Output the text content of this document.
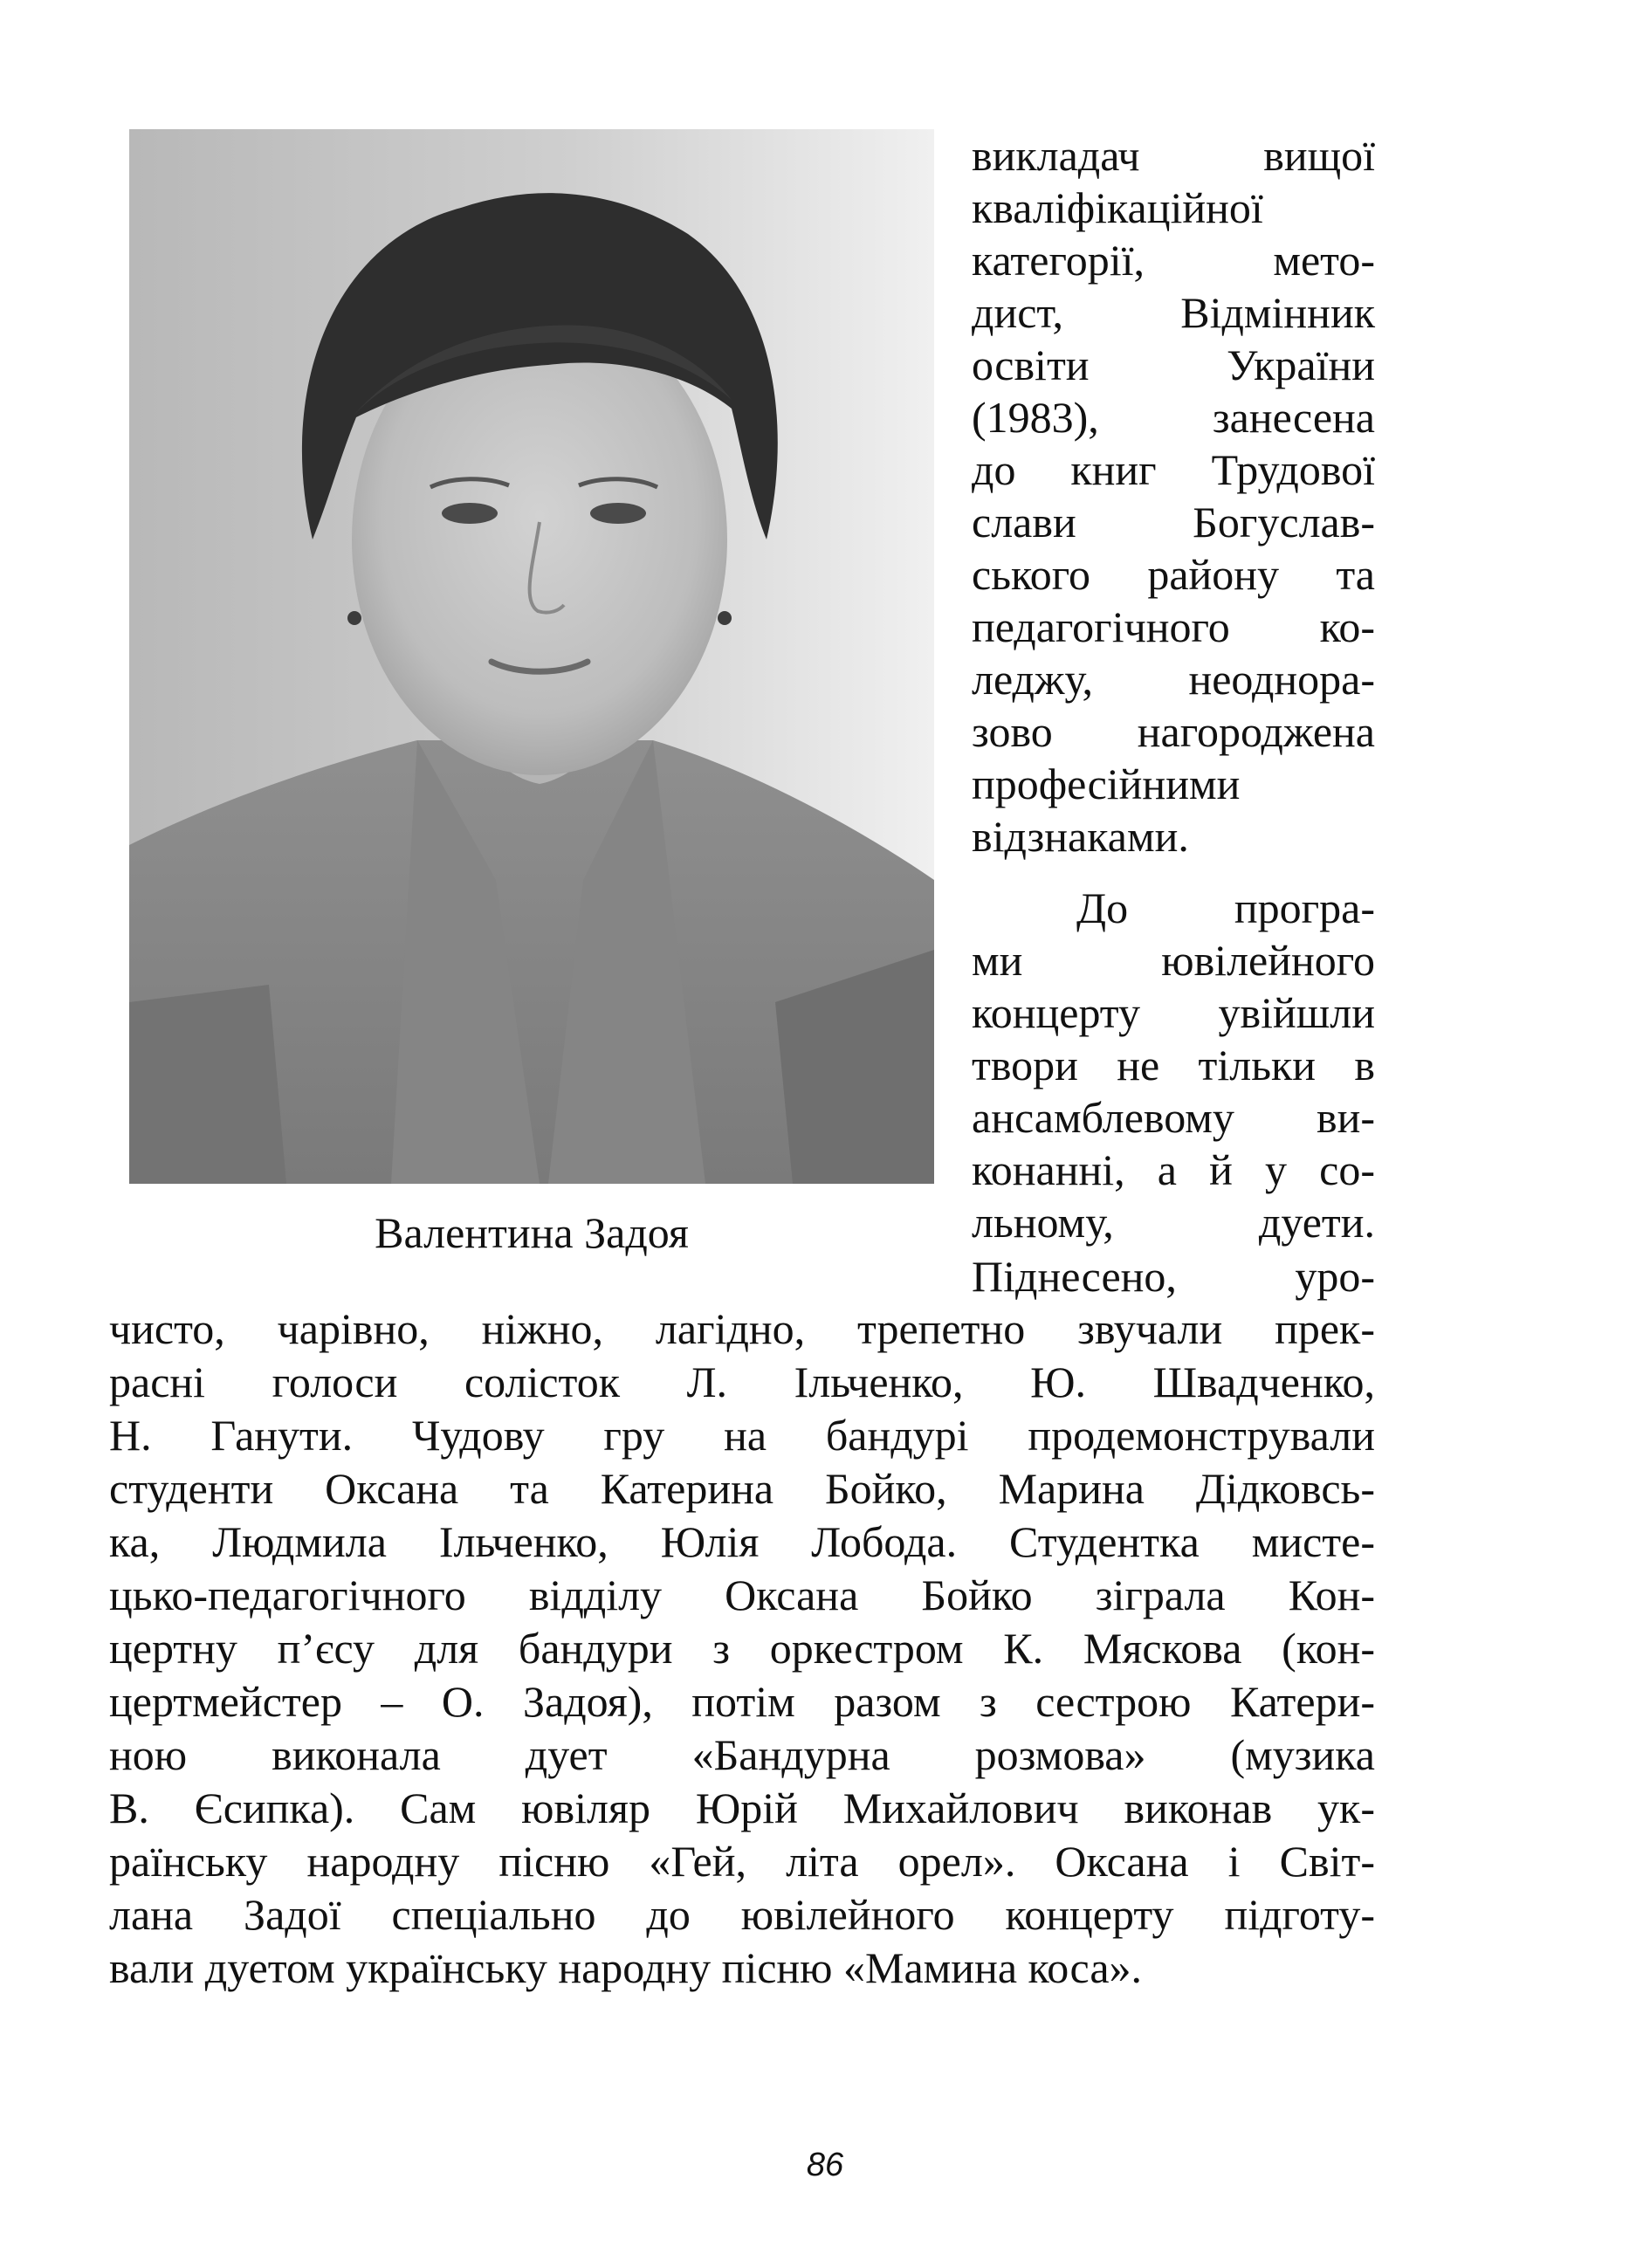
Валентина Задоя
викладач вищої
кваліфікаційної
категорії, мето-
дист, Відмінник
освіти України
(1983), занесена
до книг Трудової
слави Богуслав-
ського району та
педагогічного ко-
леджу, неоднора-
зово нагороджена
професійними
відзнаками.
До програ-
ми ювілейного
концерту увійшли
твори не тільки в
ансамблевому ви-
конанні, а й у со-
льному, дуети.
Піднесено, уро-
чисто, чарівно, ніжно, лагідно, трепетно звучали прек-
расні голоси солісток Л. Ільченко, Ю. Швадченко,
Н. Ганути. Чудову гру на бандурі продемонстрували
студенти Оксана та Катерина Бойко, Марина Дідковсь-
ка, Людмила Ільченко, Юлія Лобода. Студентка мисте-
цько-педагогічного відділу Оксана Бойко зіграла Кон-
цертну п’єсу для бандури з оркестром К. Мяскова (кон-
цертмейстер – О. Задоя), потім разом з сестрою Катери-
ною виконала дует «Бандурна розмова» (музика
В. Єсипка). Сам ювіляр Юрій Михайлович виконав ук-
раїнську народну пісню «Гей, літа орел». Оксана і Світ-
лана Задої спеціально до ювілейного концерту підготу-
вали дуетом українську народну пісню «Мамина коса».
86
